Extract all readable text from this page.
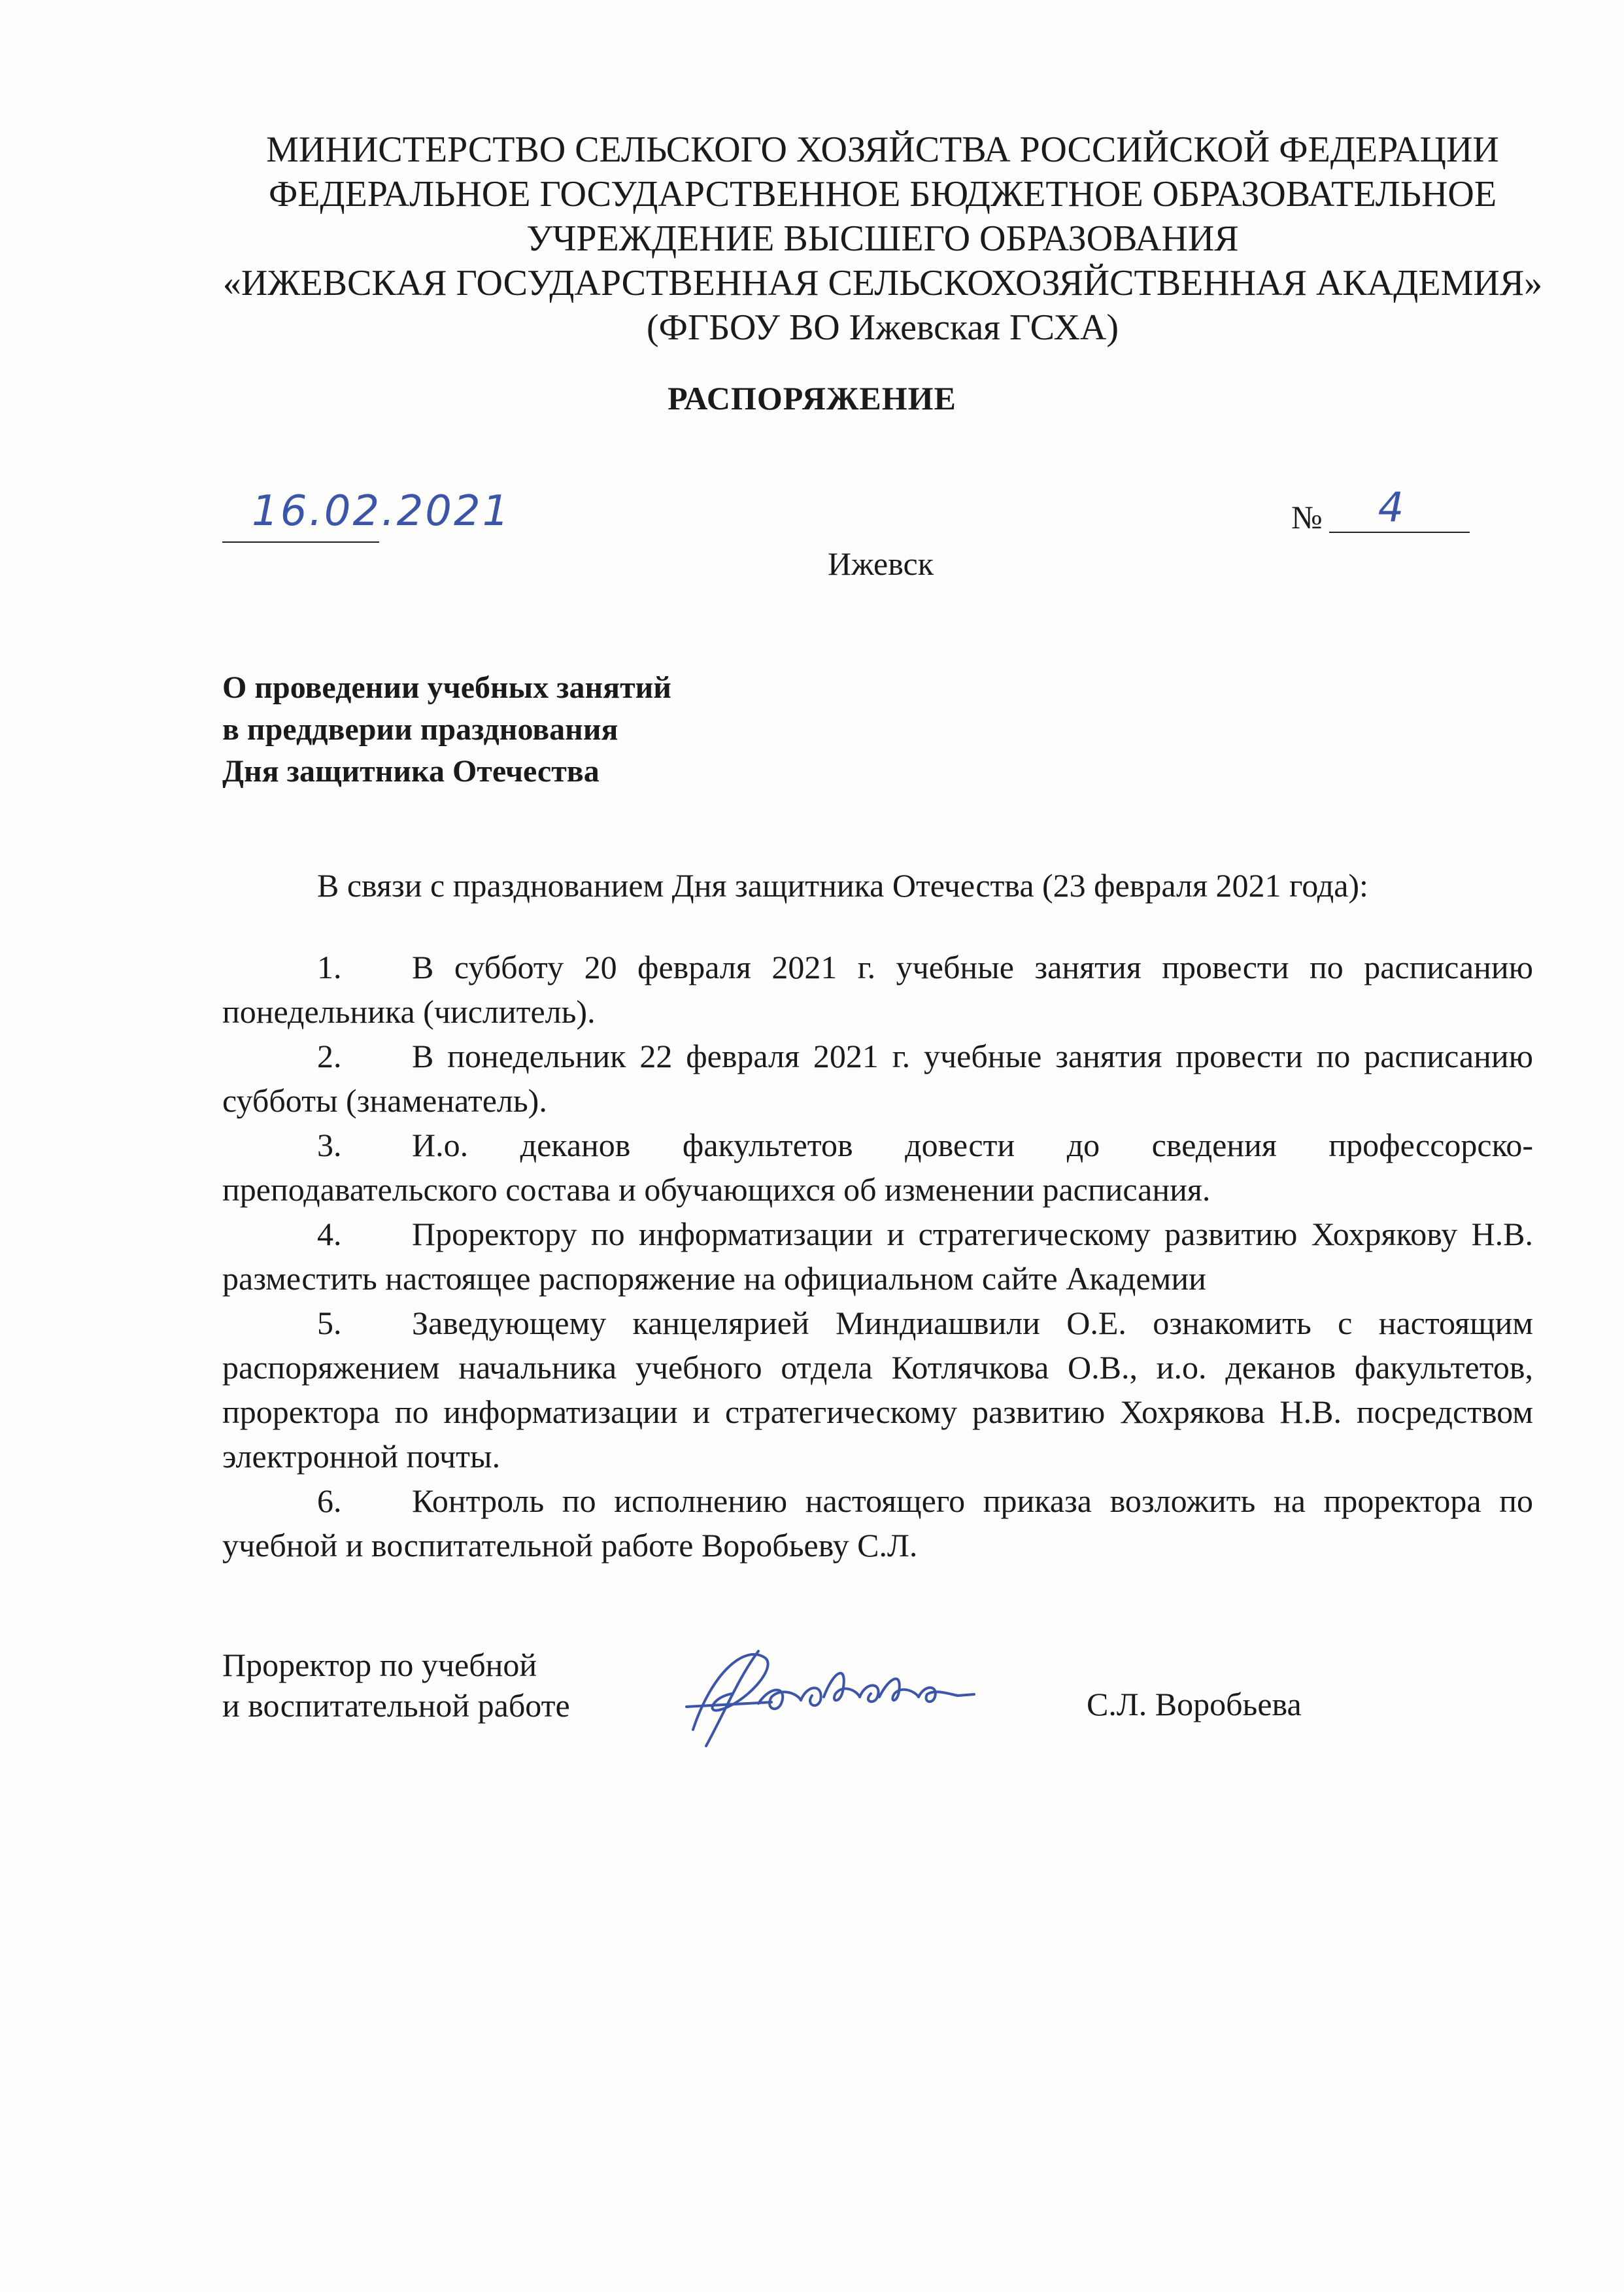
МИНИСТЕРСТВО СЕЛЬСКОГО ХОЗЯЙСТВА РОССИЙСКОЙ ФЕДЕРАЦИИ
ФЕДЕРАЛЬНОЕ ГОСУДАРСТВЕННОЕ БЮДЖЕТНОЕ ОБРАЗОВАТЕЛЬНОЕ
УЧРЕЖДЕНИЕ ВЫСШЕГО ОБРАЗОВАНИЯ
«ИЖЕВСКАЯ ГОСУДАРСТВЕННАЯ СЕЛЬСКОХОЗЯЙСТВЕННАЯ АКАДЕМИЯ»
(ФГБОУ ВО Ижевская ГСХА)
РАСПОРЯЖЕНИЕ
16.02.2021	№ 4
Ижевск
О проведении учебных занятий
в преддверии празднования
Дня защитника Отечества
В связи с празднованием Дня защитника Отечества (23 февраля 2021 года):

1. В субботу 20 февраля 2021 г. учебные занятия провести по расписанию понедельника (числитель).

2. В понедельник 22 февраля 2021 г. учебные занятия провести по расписанию субботы (знаменатель).

3. И.о. деканов факультетов довести до сведения профессорско-преподавательского состава и обучающихся об изменении расписания.

4. Проректору по информатизации и стратегическому развитию Хохрякову Н.В. разместить настоящее распоряжение на официальном сайте Академии

5. Заведующему канцелярией Миндиашвили О.Е. ознакомить с настоящим распоряжением начальника учебного отдела Котлячкова О.В., и.о. деканов факультетов, проректора по информатизации и стратегическому развитию Хохрякова Н.В. посредством электронной почты.

6. Контроль по исполнению настоящего приказа возложить на проректора по учебной и воспитательной работе Воробьеву С.Л.

Проректор по учебной
и воспитательной работе	С.Л. Воробьева
